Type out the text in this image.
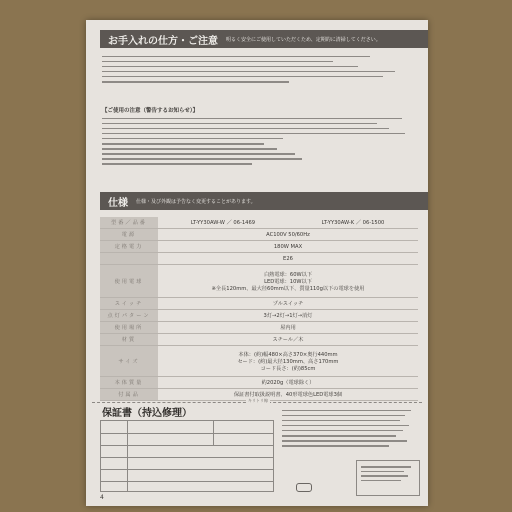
お手入れの仕方・ご注意	明るく安全にご使用していただくため、定期的に清掃してください。
【ご使用の注意（警告するお知らせ）】
仕様	仕様・及び外観は予告なく変更することがあります。
型番／品番	LT-YY30AW-W ／ 06-1469	LT-YY30AW-K ／ 06-1500
電源	AC100V 50/60Hz	
定格電力	180W MAX	
	E26	
使用電球	白熱電球：60W以下
LED電球：10W以下
※全長120mm、最大径60mm以下、質量110g以下の電球を使用	

スイッチ	プルスイッチ	
点灯パターン	3灯→2灯→1灯→消灯	
使用場所	屋内用	
材質	スチール／木	
サイズ	本体：(約)幅480×高さ370×奥行440mm
セード：(約)最大径130mm、高さ170mm
コード長さ：(約)85cm	

本体質量	約2020g（電球除く）	
付属品	保証書付取扱説明書、40形電球色LED電球3個	
キリトリ線
保証書（持込修理）
4
